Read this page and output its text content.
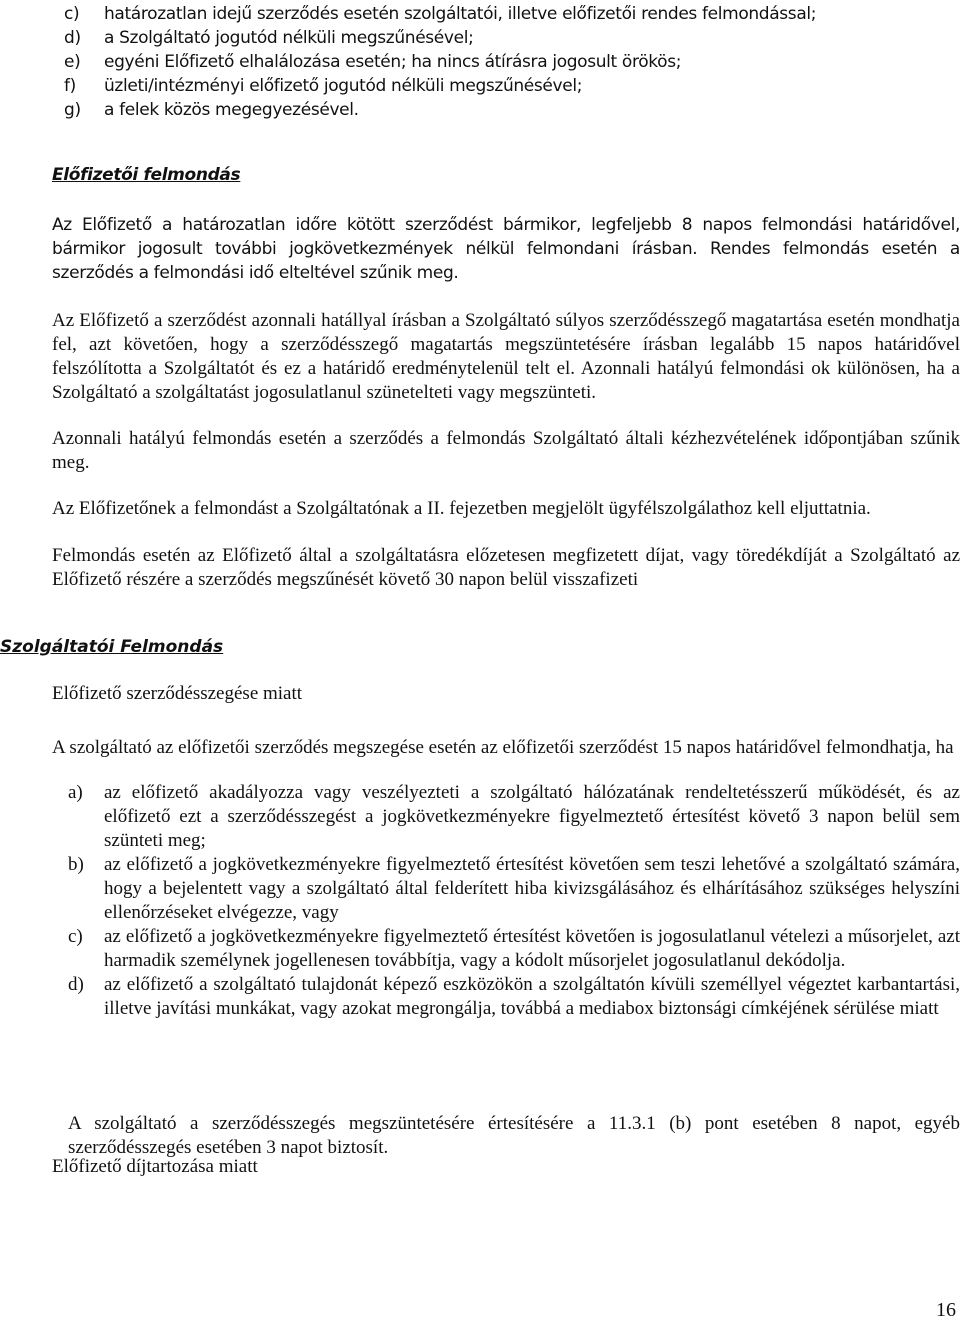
c)	határozatlan idejű szerződés esetén szolgáltatói, illetve előfizetői rendes felmondással;
d)	a Szolgáltató jogutód nélküli megszűnésével;
e)	egyéni Előfizető elhalálozása esetén; ha nincs átírásra jogosult örökös;
f)	üzleti/intézményi előfizető jogutód nélküli megszűnésével;
g)	a felek közös megegyezésével.
Előfizetői felmondás

Az Előfizető a határozatlan időre kötött szerződést bármikor, legfeljebb 8 napos felmondási határidővel, bármikor jogosult további jogkövetkezmények nélkül felmondani írásban. Rendes felmondás esetén a szerződés a felmondási idő elteltével szűnik meg.

Az Előfizető a szerződést azonnali hatállyal írásban a Szolgáltató súlyos szerződésszegő magatartása esetén mondhatja fel, azt követően, hogy a szerződésszegő magatartás megszüntetésére írásban legalább 15 napos határidővel felszólította a Szolgáltatót és ez a határidő eredménytelenül telt el. Azonnali hatályú felmondási ok különösen, ha a Szolgáltató a szolgáltatást jogosulatlanul szünetelteti vagy megszünteti.

Azonnali hatályú felmondás esetén a szerződés a felmondás Szolgáltató általi kézhezvételének időpontjában szűnik meg.

Az Előfizetőnek a felmondást a Szolgáltatónak a II. fejezetben megjelölt ügyfélszolgálathoz kell eljuttatnia.

Felmondás esetén az Előfizető által a szolgáltatásra előzetesen megfizetett díjat, vagy töredékdíját a Szolgáltató az Előfizető részére a szerződés megszűnését követő 30 napon belül visszafizeti

Szolgáltatói Felmondás
Előfizető szerződésszegése miatt

A szolgáltató az előfizetői szerződés megszegése esetén az előfizetői szerződést 15 napos határidővel felmondhatja, ha

a)	az előfizető akadályozza vagy veszélyezteti a szolgáltató hálózatának rendeltetésszerű működését, és az előfizető ezt a szerződésszegést a jogkövetkezményekre figyelmeztető értesítést követő 3 napon belül sem szünteti meg;
b)	az előfizető a jogkövetkezményekre figyelmeztető értesítést követően sem teszi lehetővé a szolgáltató számára, hogy a bejelentett vagy a szolgáltató által felderített hiba kivizsgálásához és elhárításához szükséges helyszíni ellenőrzéseket elvégezze, vagy
c)	az előfizető a jogkövetkezményekre figyelmeztető értesítést követően is jogosulatlanul vételezi a műsorjelet, azt harmadik személynek jogellenesen továbbítja, vagy a kódolt műsorjelet jogosulatlanul dekódolja.
d)	az előfizető a szolgáltató tulajdonát képező eszközökön a szolgáltatón kívüli személlyel végeztet karbantartási, illetve javítási munkákat, vagy azokat megrongálja, továbbá a mediabox biztonsági címkéjének sérülése miatt

A szolgáltató a szerződésszegés megszüntetésére értesítésére a 11.3.1 (b) pont esetében 8 napot, egyéb szerződésszegés esetében 3 napot biztosít.

Előfizető díjtartozása miatt
16
